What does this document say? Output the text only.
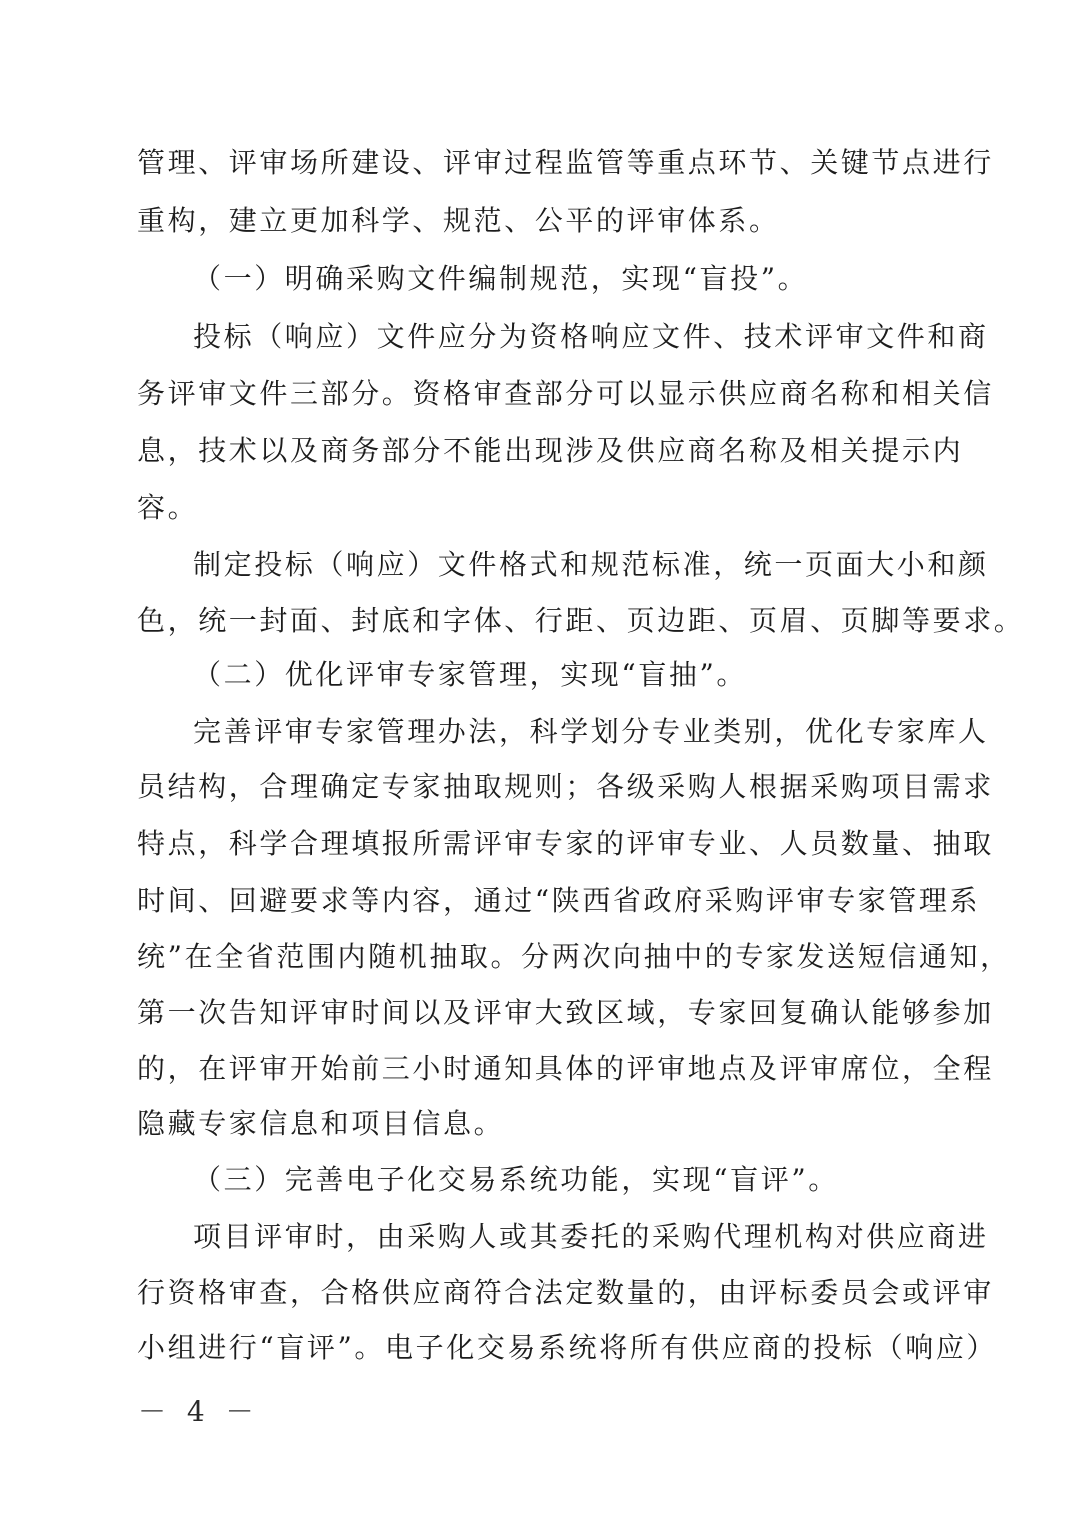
管理、评审场所建设、评审过程监管等重点环节、关键节点进行
重构，建立更加科学、规范、公平的评审体系。
（一）明确采购文件编制规范，实现“盲投”。
投标（响应）文件应分为资格响应文件、技术评审文件和商
务评审文件三部分。资格审查部分可以显示供应商名称和相关信
息，技术以及商务部分不能出现涉及供应商名称及相关提示内
容。
制定投标（响应）文件格式和规范标准，统一页面大小和颜
色，统一封面、封底和字体、行距、页边距、页眉、页脚等要求。
（二）优化评审专家管理，实现“盲抽”。
完善评审专家管理办法，科学划分专业类别，优化专家库人
员结构，合理确定专家抽取规则；各级采购人根据采购项目需求
特点，科学合理填报所需评审专家的评审专业、人员数量、抽取
时间、回避要求等内容，通过“陕西省政府采购评审专家管理系
统”在全省范围内随机抽取。分两次向抽中的专家发送短信通知，
第一次告知评审时间以及评审大致区域，专家回复确认能够参加
的，在评审开始前三小时通知具体的评审地点及评审席位，全程
隐藏专家信息和项目信息。
（三）完善电子化交易系统功能，实现“盲评”。
项目评审时，由采购人或其委托的采购代理机构对供应商进
行资格审查，合格供应商符合法定数量的，由评标委员会或评审
小组进行“盲评”。电子化交易系统将所有供应商的投标（响应）
－ 4 －
